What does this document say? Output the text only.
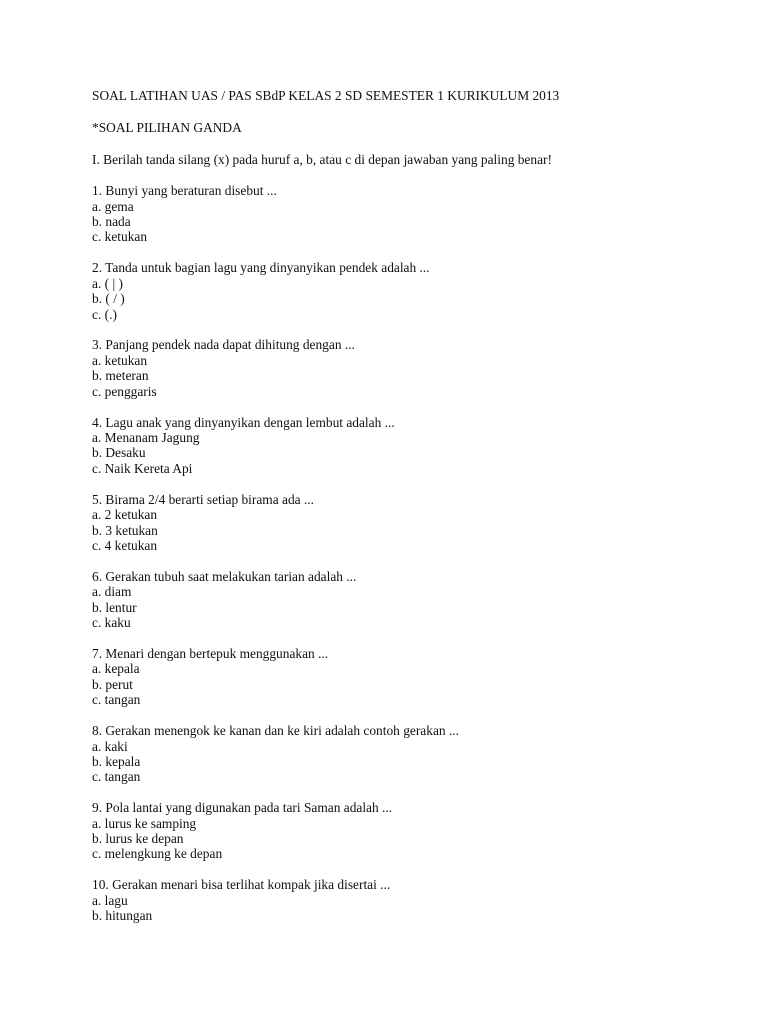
SOAL LATIHAN UAS / PAS SBdP KELAS 2 SD SEMESTER 1 KURIKULUM 2013
*SOAL PILIHAN GANDA
I. Berilah tanda silang (x) pada huruf a, b, atau c di depan jawaban yang paling benar!
1. Bunyi yang beraturan disebut ...
a. gema
b. nada
c. ketukan
2. Tanda untuk bagian lagu yang dinyanyikan pendek adalah ...
a. ( | )
b. ( / )
c. (.)
3. Panjang pendek nada dapat dihitung dengan ...
a. ketukan
b. meteran
c. penggaris
4. Lagu anak yang dinyanyikan dengan lembut adalah ...
a. Menanam Jagung
b. Desaku
c. Naik Kereta Api
5. Birama 2/4 berarti setiap birama ada ...
a. 2 ketukan
b. 3 ketukan
c. 4 ketukan
6. Gerakan tubuh saat melakukan tarian adalah ...
a. diam
b. lentur
c. kaku
7. Menari dengan bertepuk menggunakan ...
a. kepala
b. perut
c. tangan
8. Gerakan menengok ke kanan dan ke kiri adalah contoh gerakan ...
a. kaki
b. kepala
c. tangan
9. Pola lantai yang digunakan pada tari Saman adalah ...
a. lurus ke samping
b. lurus ke depan
c. melengkung ke depan
10. Gerakan menari bisa terlihat kompak jika disertai ...
a. lagu
b. hitungan
